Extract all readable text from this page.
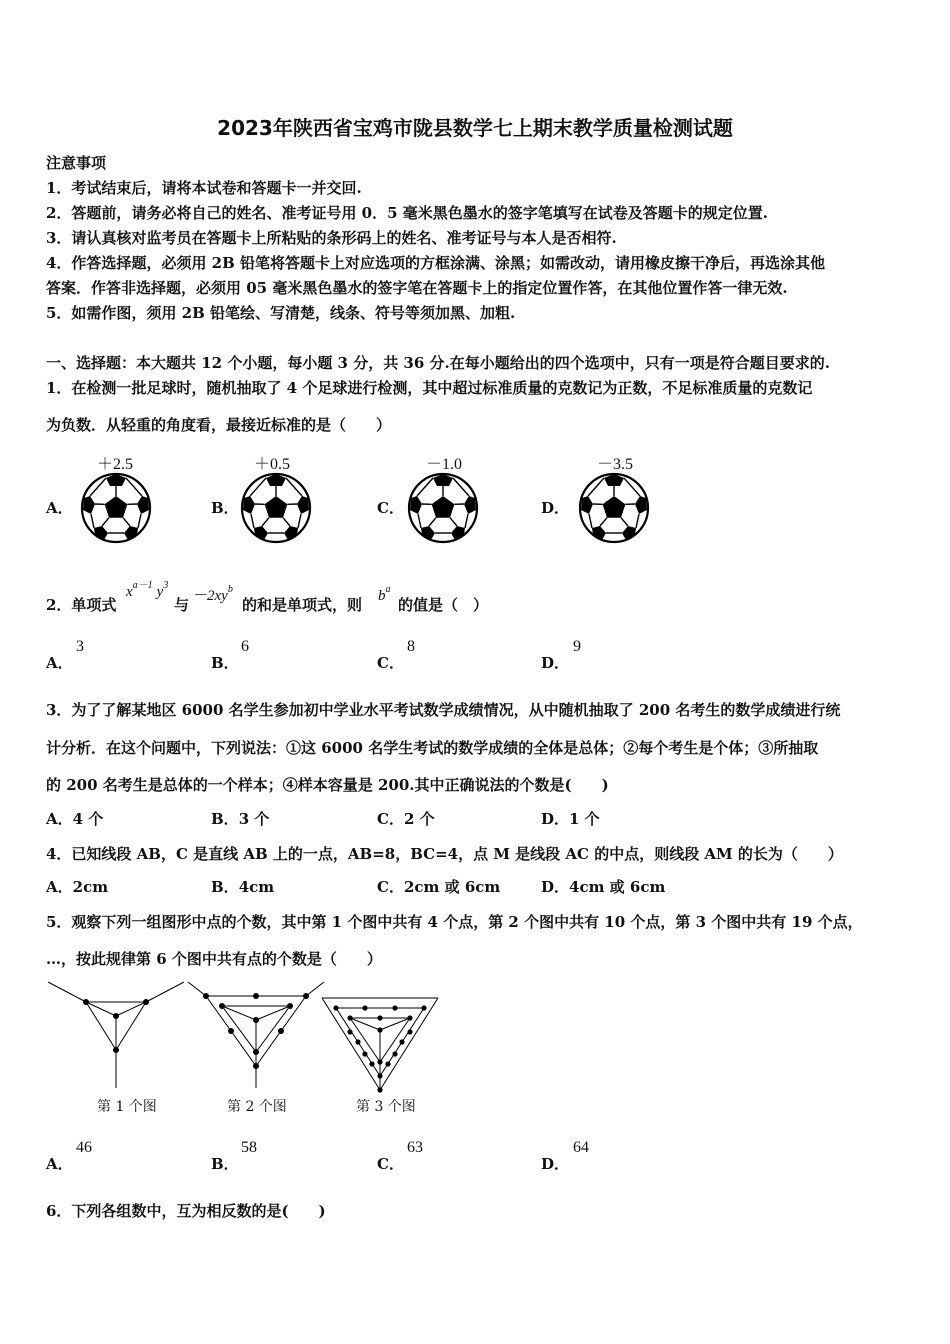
2023年陕西省宝鸡市陇县数学七上期末教学质量检测试题
注意事项
1．考试结束后，请将本试卷和答题卡一并交回.
2．答题前，请务必将自己的姓名、准考证号用 0．5 毫米黑色墨水的签字笔填写在试卷及答题卡的规定位置.
3．请认真核对监考员在答题卡上所粘贴的条形码上的姓名、准考证号与本人是否相符.
4．作答选择题，必须用 2B 铅笔将答题卡上对应选项的方框涂满、涂黑；如需改动，请用橡皮擦干净后，再选涂其他
答案．作答非选择题，必须用 05 毫米黑色墨水的签字笔在答题卡上的指定位置作答，在其他位置作答一律无效.
5．如需作图，须用 2B 铅笔绘、写清楚，线条、符号等须加黑、加粗.
一、选择题：本大题共 12 个小题，每小题 3 分，共 36 分.在每小题给出的四个选项中，只有一项是符合题目要求的.
1．在检测一批足球时，随机抽取了 4 个足球进行检测，其中超过标准质量的克数记为正数，不足标准质量的克数记
为负数．从轻重的角度看，最接近标准的是（　　）
A．
＋2.5
B．
＋0.5
C．
－1.0
D．
－3.5
2．单项式
$x^{a-1}$ $y^3$
与 $-2xy^b$
的和是单项式，则 $b^a$
的值是（　）
A．
3
B．
6
C．
8
D．
9
3．为了了解某地区 6000 名学生参加初中学业水平考试数学成绩情况，从中随机抽取了 200 名考生的数学成绩进行统
计分析．在这个问题中，下列说法：①这 6000 名学生考试的数学成绩的全体是总体；②每个考生是个体；③所抽取
的 200 名考生是总体的一个样本；④样本容量是 200.其中正确说法的个数是(　　)
A．4 个	B．3 个	C．2 个	D．1 个
4．已知线段 AB，C 是直线 AB 上的一点，AB=8，BC=4，点 M 是线段 AC 的中点，则线段 AM 的长为（　　）
A．2cm	B．4cm	C．2cm 或 6cm	D．4cm 或 6cm
5．观察下列一组图形中点的个数，其中第 1 个图中共有 4 个点，第 2 个图中共有 10 个点，第 3 个图中共有 19 个点，
…，按此规律第 6 个图中共有点的个数是（　　）
第 1 个图	第 2 个图	第 3 个图
A．
46
B．
58
C．
63
D．
64
6．下列各组数中，互为相反数的是(　　)
